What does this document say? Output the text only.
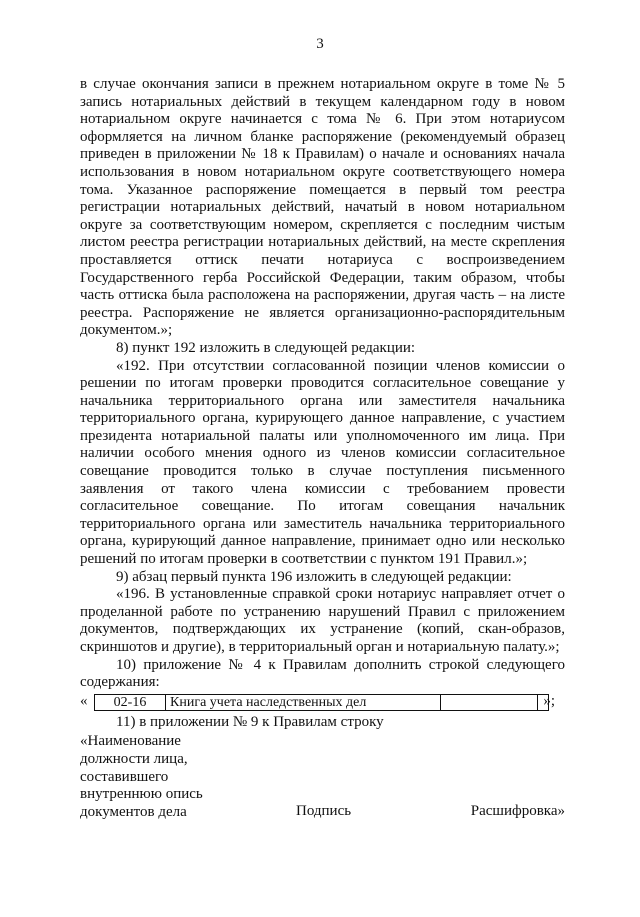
3

в случае окончания записи в прежнем нотариальном округе в томе № 5 запись нотариальных действий в текущем календарном году в новом нотариальном округе начинается с тома № 6. При этом нотариусом оформляется на личном бланке распоряжение (рекомендуемый образец приведен в приложении № 18 к Правилам) о начале и основаниях начала использования в новом нотариальном округе соответствующего номера тома. Указанное распоряжение помещается в первый том реестра регистрации нотариальных действий, начатый в новом нотариальном округе за соответствующим номером, скрепляется с последним чистым листом реестра регистрации нотариальных действий, на месте скрепления проставляется оттиск печати нотариуса с воспроизведением Государственного герба Российской Федерации, таким образом, чтобы часть оттиска была расположена на распоряжении, другая часть – на листе реестра. Распоряжение не является организационно-распорядительным документом.»;

8) пункт 192 изложить в следующей редакции:

«192. При отсутствии согласованной позиции членов комиссии о решении по итогам проверки проводится согласительное совещание у начальника территориального органа или заместителя начальника территориального органа, курирующего данное направление, с участием президента нотариальной палаты или уполномоченного им лица. При наличии особого мнения одного из членов комиссии согласительное совещание проводится только в случае поступления письменного заявления от такого члена комиссии с требованием провести согласительное совещание. По итогам совещания начальник территориального органа или заместитель начальника территориального органа, курирующий данное направление, принимает одно или несколько решений по итогам проверки в соответствии с пунктом 191 Правил.»;

9) абзац первый пункта 196 изложить в следующей редакции:

«196. В установленные справкой сроки нотариус направляет отчет о проделанной работе по устранению нарушений Правил с приложением документов, подтверждающих их устранение (копий, скан-образов, скриншотов и другие), в территориальный орган и нотариальную палату.»;

10) приложение № 4 к Правилам дополнить строкой следующего содержания:

« 02-16	Книга учета наследственных дел			»;

11) в приложении № 9 к Правилам строку

«Наименование
должности лица,
составившего
внутреннюю опись
документов дела	Подпись	Расшифровка»
